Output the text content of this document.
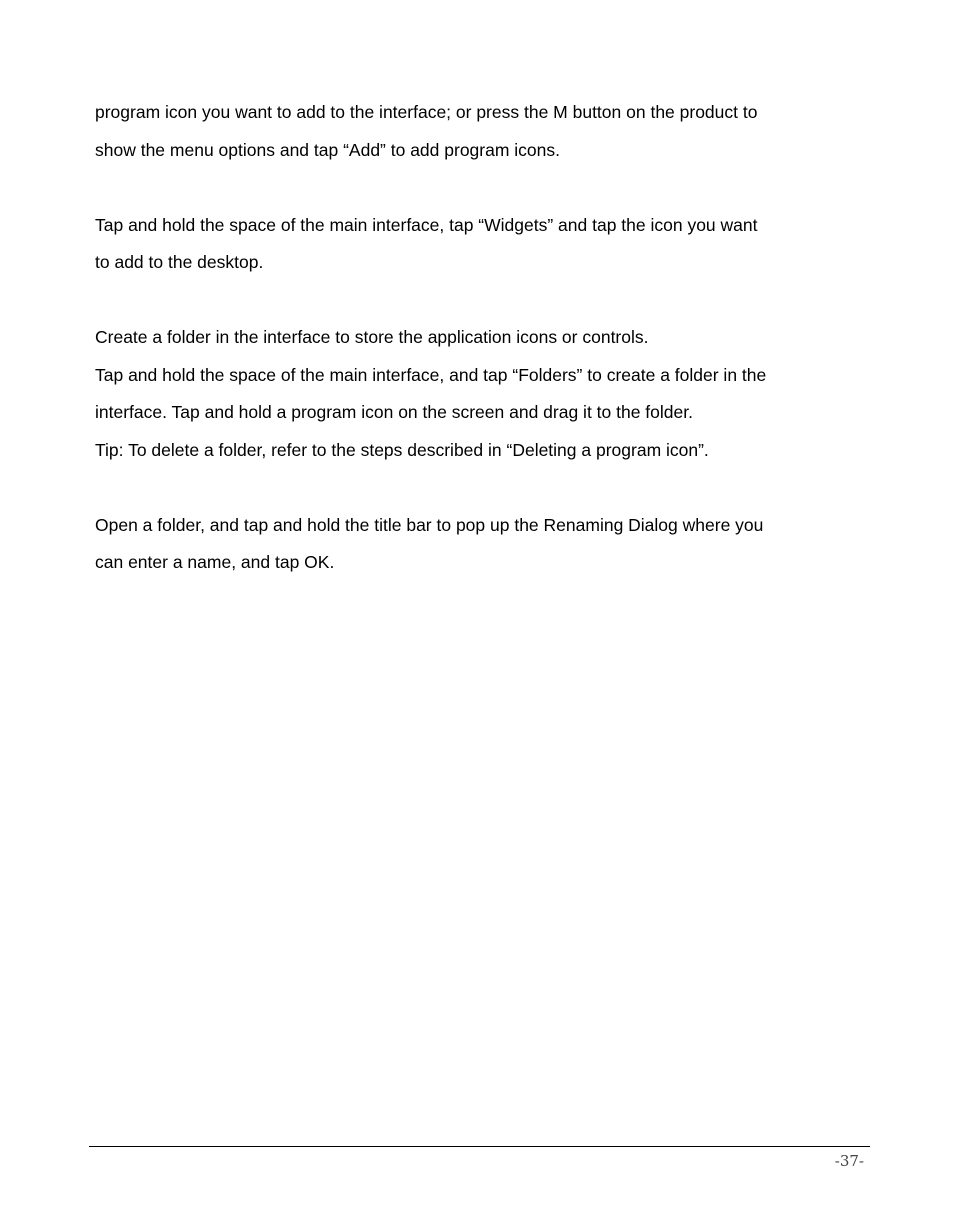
program icon you want to add to the interface; or press the M button on the product to
show the menu options and tap “Add” to add program icons.
Tap and hold the space of the main interface, tap “Widgets” and tap the icon you want
to add to the desktop.
Create a folder in the interface to store the application icons or controls.
Tap and hold the space of the main interface, and tap “Folders” to create a folder in the
interface. Tap and hold a program icon on the screen and drag it to the folder.
Tip: To delete a folder, refer to the steps described in “Deleting a program icon”.
Open a folder, and tap and hold the title bar to pop up the Renaming Dialog where you
can enter a name, and tap OK.
-37-
